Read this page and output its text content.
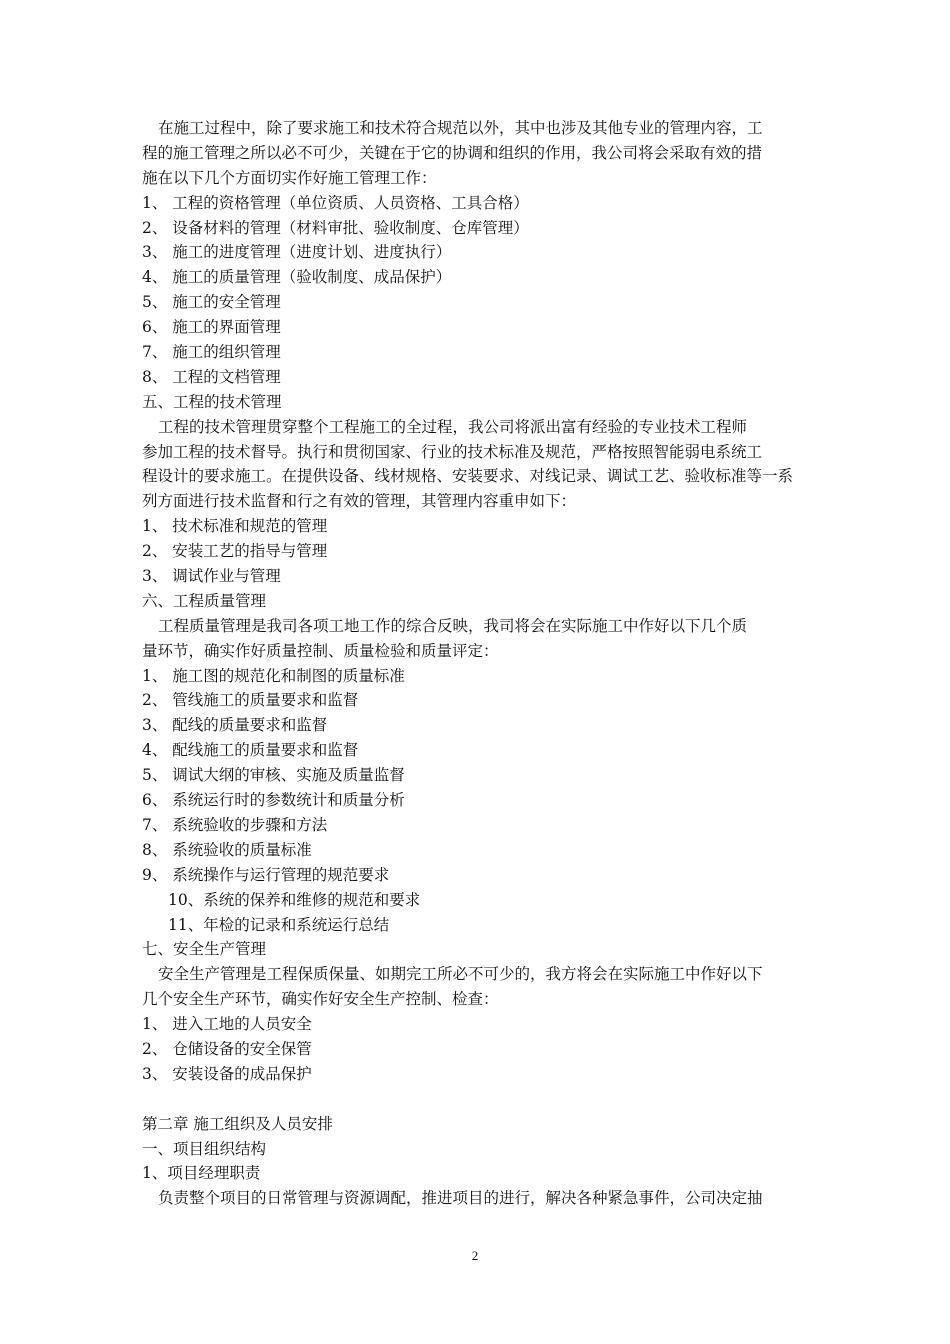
在施工过程中，除了要求施工和技术符合规范以外，其中也涉及其他专业的管理内容，工
程的施工管理之所以必不可少，关键在于它的协调和组织的作用，我公司将会采取有效的措
施在以下几个方面切实作好施工管理工作：
1、 工程的资格管理（单位资质、人员资格、工具合格）
2、 设备材料的管理（材料审批、验收制度、仓库管理）
3、 施工的进度管理（进度计划、进度执行）
4、 施工的质量管理（验收制度、成品保护）
5、 施工的安全管理
6、 施工的界面管理
7、 施工的组织管理
8、 工程的文档管理
五、工程的技术管理
工程的技术管理贯穿整个工程施工的全过程，我公司将派出富有经验的专业技术工程师
参加工程的技术督导。执行和贯彻国家、行业的技术标准及规范，严格按照智能弱电系统工
程设计的要求施工。在提供设备、线材规格、安装要求、对线记录、调试工艺、验收标准等一系
列方面进行技术监督和行之有效的管理，其管理内容重申如下：
1、 技术标准和规范的管理
2、 安装工艺的指导与管理
3、 调试作业与管理
六、工程质量管理
工程质量管理是我司各项工地工作的综合反映，我司将会在实际施工中作好以下几个质
量环节，确实作好质量控制、质量检验和质量评定：
1、 施工图的规范化和制图的质量标准
2、 管线施工的质量要求和监督
3、 配线的质量要求和监督
4、 配线施工的质量要求和监督
5、 调试大纲的审核、实施及质量监督
6、 系统运行时的参数统计和质量分析
7、 系统验收的步骤和方法
8、 系统验收的质量标准
9、 系统操作与运行管理的规范要求
10、系统的保养和维修的规范和要求
11、年检的记录和系统运行总结
七、安全生产管理
安全生产管理是工程保质保量、如期完工所必不可少的，我方将会在实际施工中作好以下
几个安全生产环节，确实作好安全生产控制、检查：
1、 进入工地的人员安全
2、 仓储设备的安全保管
3、 安装设备的成品保护
第二章 施工组织及人员安排
一、项目组织结构
1、项目经理职责
负责整个项目的日常管理与资源调配，推进项目的进行，解决各种紧急事件，公司决定抽
2
